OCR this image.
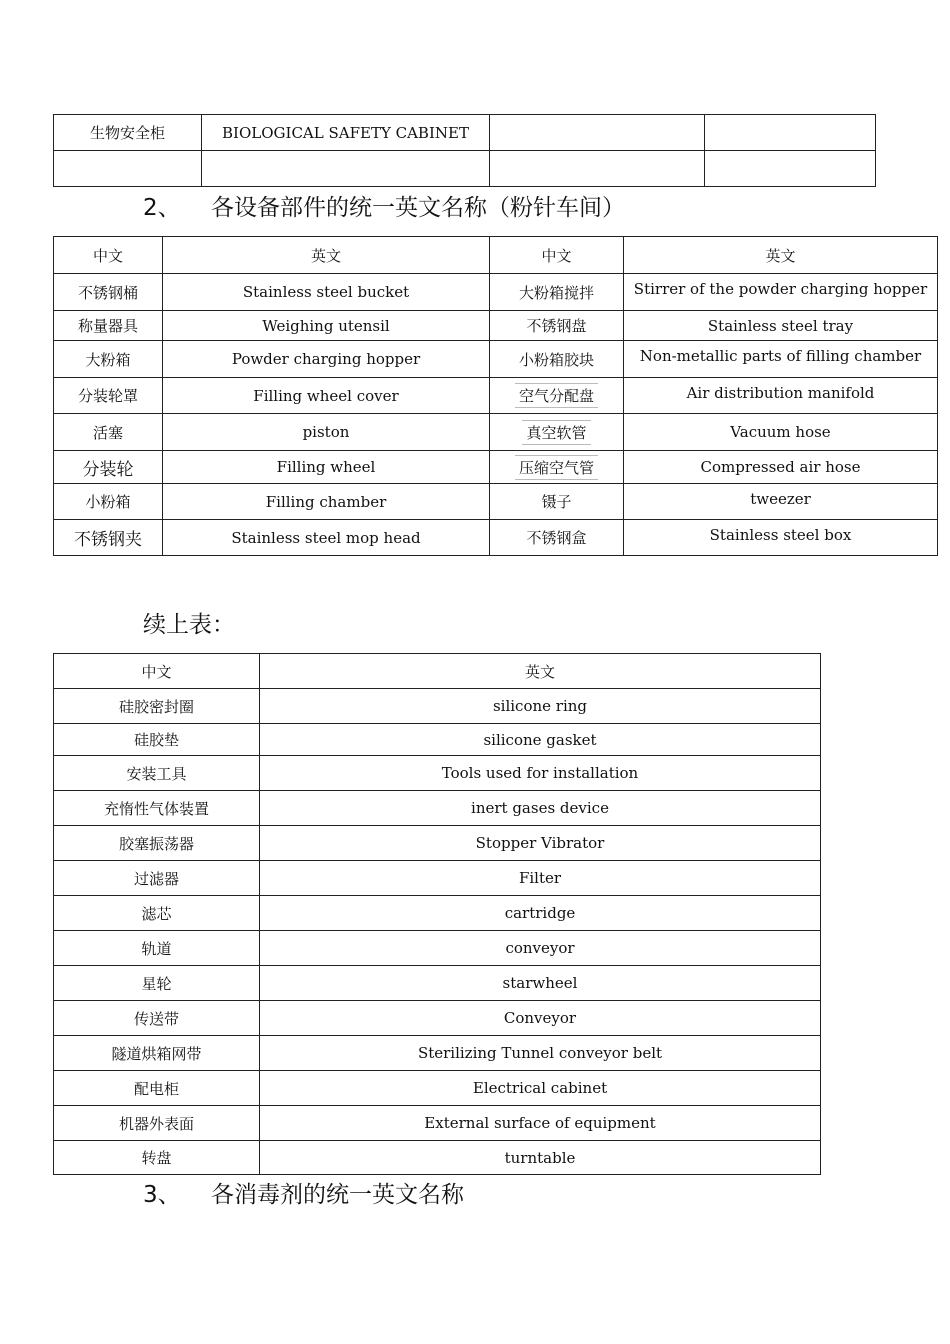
生物安全柜	BIOLOGICAL SAFETY CABINET		

2、 各设备部件的统一英文名称（粉针车间）
中文	英文	中文	英文
不锈钢桶	Stainless steel bucket	大粉箱搅拌	Stirrer of the powder charging hopper
称量器具	Weighing utensil	不锈钢盘	Stainless steel tray
大粉箱	Powder charging hopper	小粉箱胶块	Non-metallic parts of filling chamber
分装轮罩	Filling wheel cover	空气分配盘	Air distribution manifold
活塞	piston	真空软管	Vacuum hose
分装轮	Filling wheel	压缩空气管	Compressed air hose
小粉箱	Filling chamber	镊子	tweezer
不锈钢夹	Stainless steel mop head	不锈钢盒	Stainless steel box
续上表：
中文	英文
硅胶密封圈	silicone ring
硅胶垫	silicone gasket
安装工具	Tools used for installation
充惰性气体装置	inert gases device
胶塞振荡器	Stopper Vibrator
过滤器	Filter
滤芯	cartridge
轨道	conveyor
星轮	starwheel
传送带	Conveyor
隧道烘箱网带	Sterilizing Tunnel conveyor belt
配电柜	Electrical cabinet
机器外表面	External surface of equipment
转盘	turntable
3、 各消毒剂的统一英文名称
